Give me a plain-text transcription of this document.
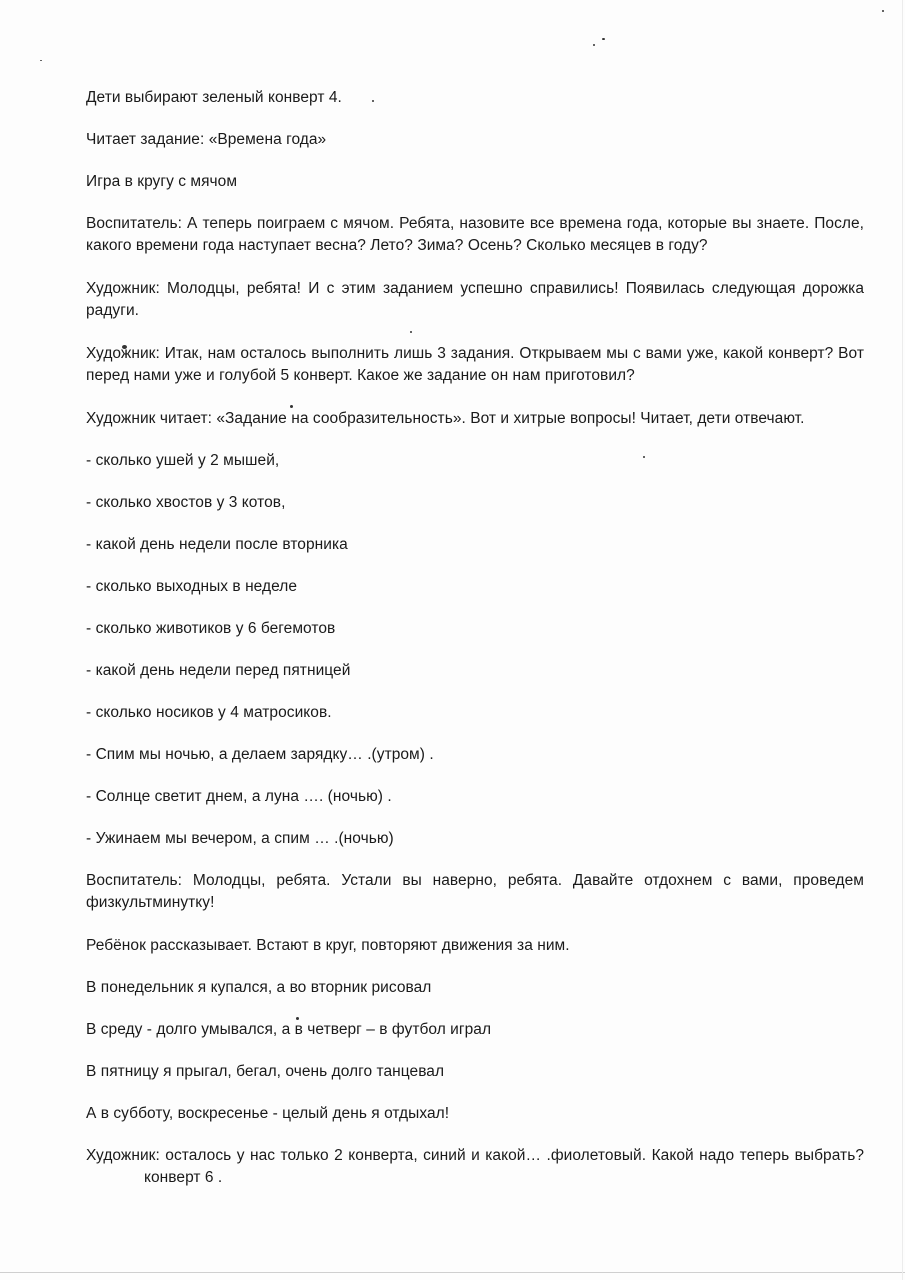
Дети выбирают зеленый конверт 4.

Читает задание: «Времена года»

Игра в кругу с мячом

Воспитатель: А теперь поиграем с мячом. Ребята, назовите все времена года, которые вы знаете. После, какого времени года наступает весна? Лето? Зима? Осень? Сколько месяцев в году?

Художник: Молодцы, ребята! И с этим заданием успешно справились! Появилась следующая дорожка радуги.

Художник: Итак, нам осталось выполнить лишь 3 задания. Открываем мы с вами уже, какой конверт? Вот перед нами уже и голубой 5 конверт. Какое же задание он нам приготовил?

Художник читает: «Задание на сообразительность». Вот и хитрые вопросы! Читает, дети отвечают.

- сколько ушей у 2 мышей,

- сколько хвостов у 3 котов,

- какой день недели после вторника

- сколько выходных в неделе

- сколько животиков у 6 бегемотов

- какой день недели перед пятницей

- сколько носиков у 4 матросиков.

- Спим мы ночью, а делаем зарядку… .(утром) .

- Солнце светит днем, а луна …. (ночью) .

- Ужинаем мы вечером, а спим … .(ночью)

Воспитатель: Молодцы, ребята. Устали вы наверно, ребята. Давайте отдохнем с вами, проведем физкультминутку!

Ребёнок рассказывает. Встают в круг, повторяют движения за ним.

В понедельник я купался, а во вторник рисовал

В среду - долго умывался, а в четверг – в футбол играл

В пятницу я прыгал, бегал, очень долго танцевал

А в субботу, воскресенье - целый день я отдыхал!

Художник: осталось у нас только 2 конверта, синий и какой… .фиолетовый. Какой надо теперь выбрать?конверт 6 .
